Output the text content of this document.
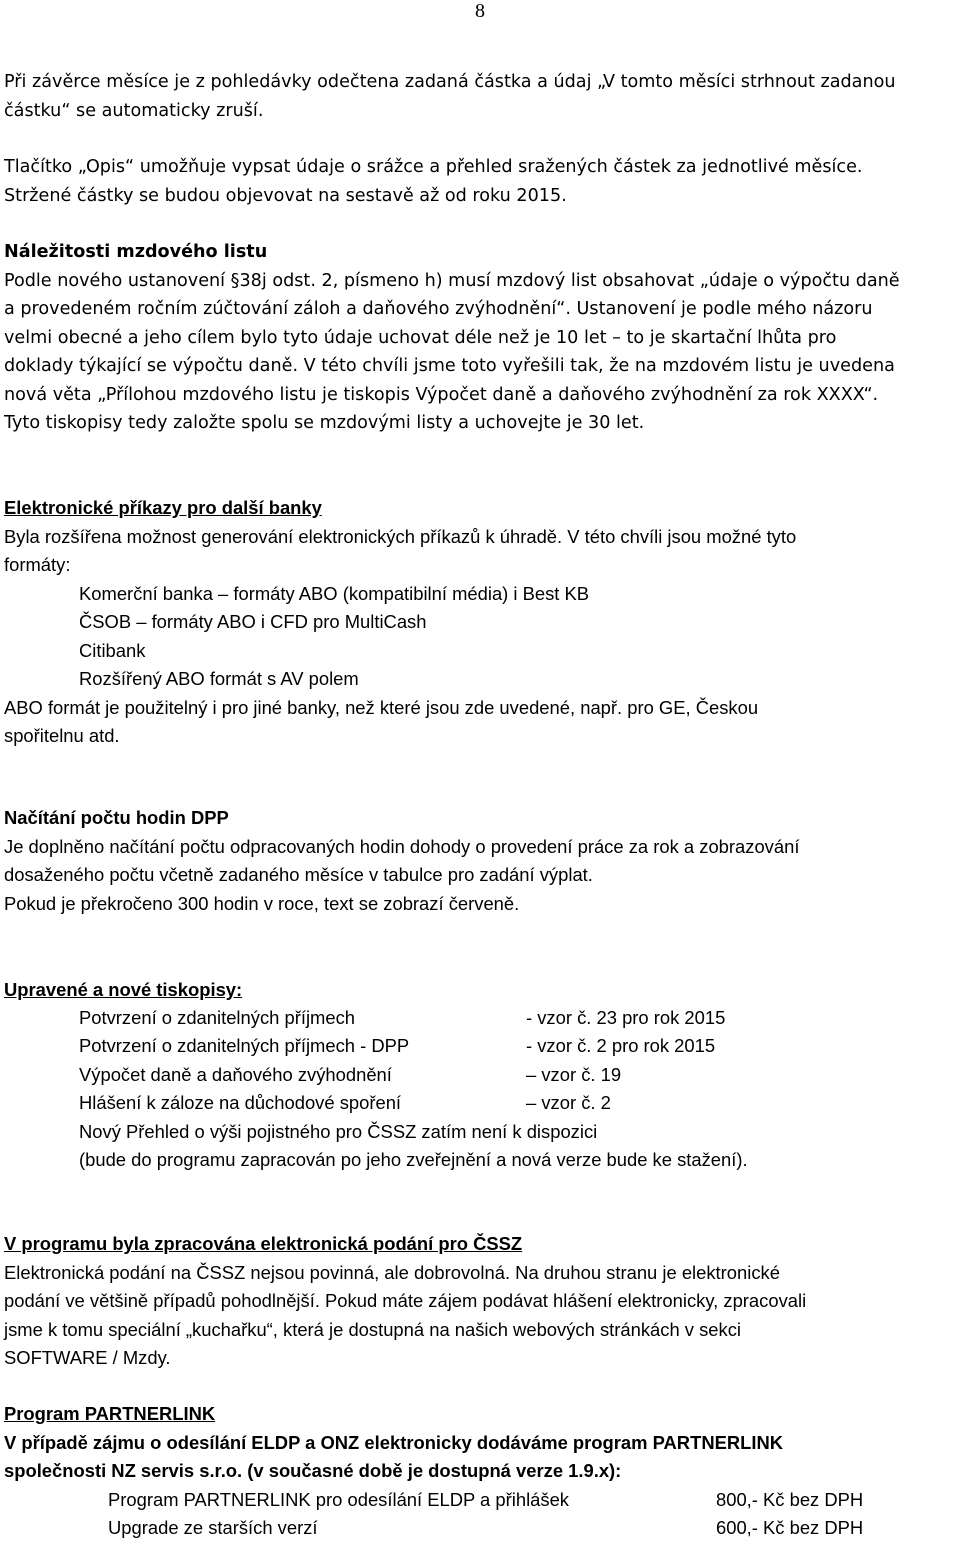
8
Při závěrce měsíce je z pohledávky odečtena zadaná částka a údaj „V tomto měsíci strhnout zadanou
částku“ se automaticky zruší.
Tlačítko „Opis“ umožňuje vypsat údaje o srážce a přehled sražených částek za jednotlivé měsíce.
Stržené částky se budou objevovat na sestavě až od roku 2015.
Náležitosti mzdového listu
Podle nového ustanovení §38j odst. 2, písmeno h) musí mzdový list obsahovat „údaje o výpočtu daně
a provedeném ročním zúčtování záloh a daňového zvýhodnění“. Ustanovení je podle mého názoru
velmi obecné a jeho cílem bylo tyto údaje uchovat déle než je 10 let – to je skartační lhůta pro
doklady týkající se výpočtu daně. V této chvíli jsme toto vyřešili tak, že na mzdovém listu je uvedena
nová věta „Přílohou mzdového listu je tiskopis Výpočet daně a daňového zvýhodnění za rok XXXX“.
Tyto tiskopisy tedy založte spolu se mzdovými listy a uchovejte je 30 let.
Elektronické příkazy pro další banky
Byla rozšířena možnost generování elektronických příkazů k úhradě. V této chvíli jsou možné tyto
formáty:
Komerční banka – formáty ABO (kompatibilní média) i Best KB
ČSOB – formáty ABO i CFD pro MultiCash
Citibank
Rozšířený ABO formát s AV polem
ABO formát je použitelný i pro jiné banky, než které jsou zde uvedené, např. pro GE, Českou
spořitelnu atd.
Načítání počtu hodin DPP
Je doplněno načítání počtu odpracovaných hodin dohody o provedení práce za rok a zobrazování
dosaženého počtu včetně zadaného měsíce v tabulce pro zadání výplat.
Pokud je překročeno 300 hodin v roce, text se zobrazí červeně.
Upravené a nové tiskopisy:
Potvrzení o zdanitelných příjmech	- vzor č. 23 pro rok 2015
Potvrzení o zdanitelných příjmech - DPP	- vzor č. 2 pro rok 2015
Výpočet daně a daňového zvýhodnění	– vzor č. 19
Hlášení k záloze na důchodové spoření	– vzor č. 2
Nový Přehled o výši pojistného pro ČSSZ zatím není k dispozici
(bude do programu zapracován po jeho zveřejnění a nová verze bude ke stažení).
V programu byla zpracována elektronická podání pro ČSSZ
Elektronická podání na ČSSZ nejsou povinná, ale dobrovolná. Na druhou stranu je elektronické
podání ve většině případů pohodlnější. Pokud máte zájem podávat hlášení elektronicky, zpracovali
jsme k tomu speciální „kuchařku“, která je dostupná na našich webových stránkách v sekci
SOFTWARE / Mzdy.
Program PARTNERLINK
V případě zájmu o odesílání ELDP a ONZ elektronicky dodáváme program PARTNERLINK
společnosti NZ servis s.r.o. (v současné době je dostupná verze 1.9.x):
Program PARTNERLINK pro odesílání ELDP a přihlášek	800,- Kč bez DPH
Upgrade ze starších verzí	600,- Kč bez DPH
